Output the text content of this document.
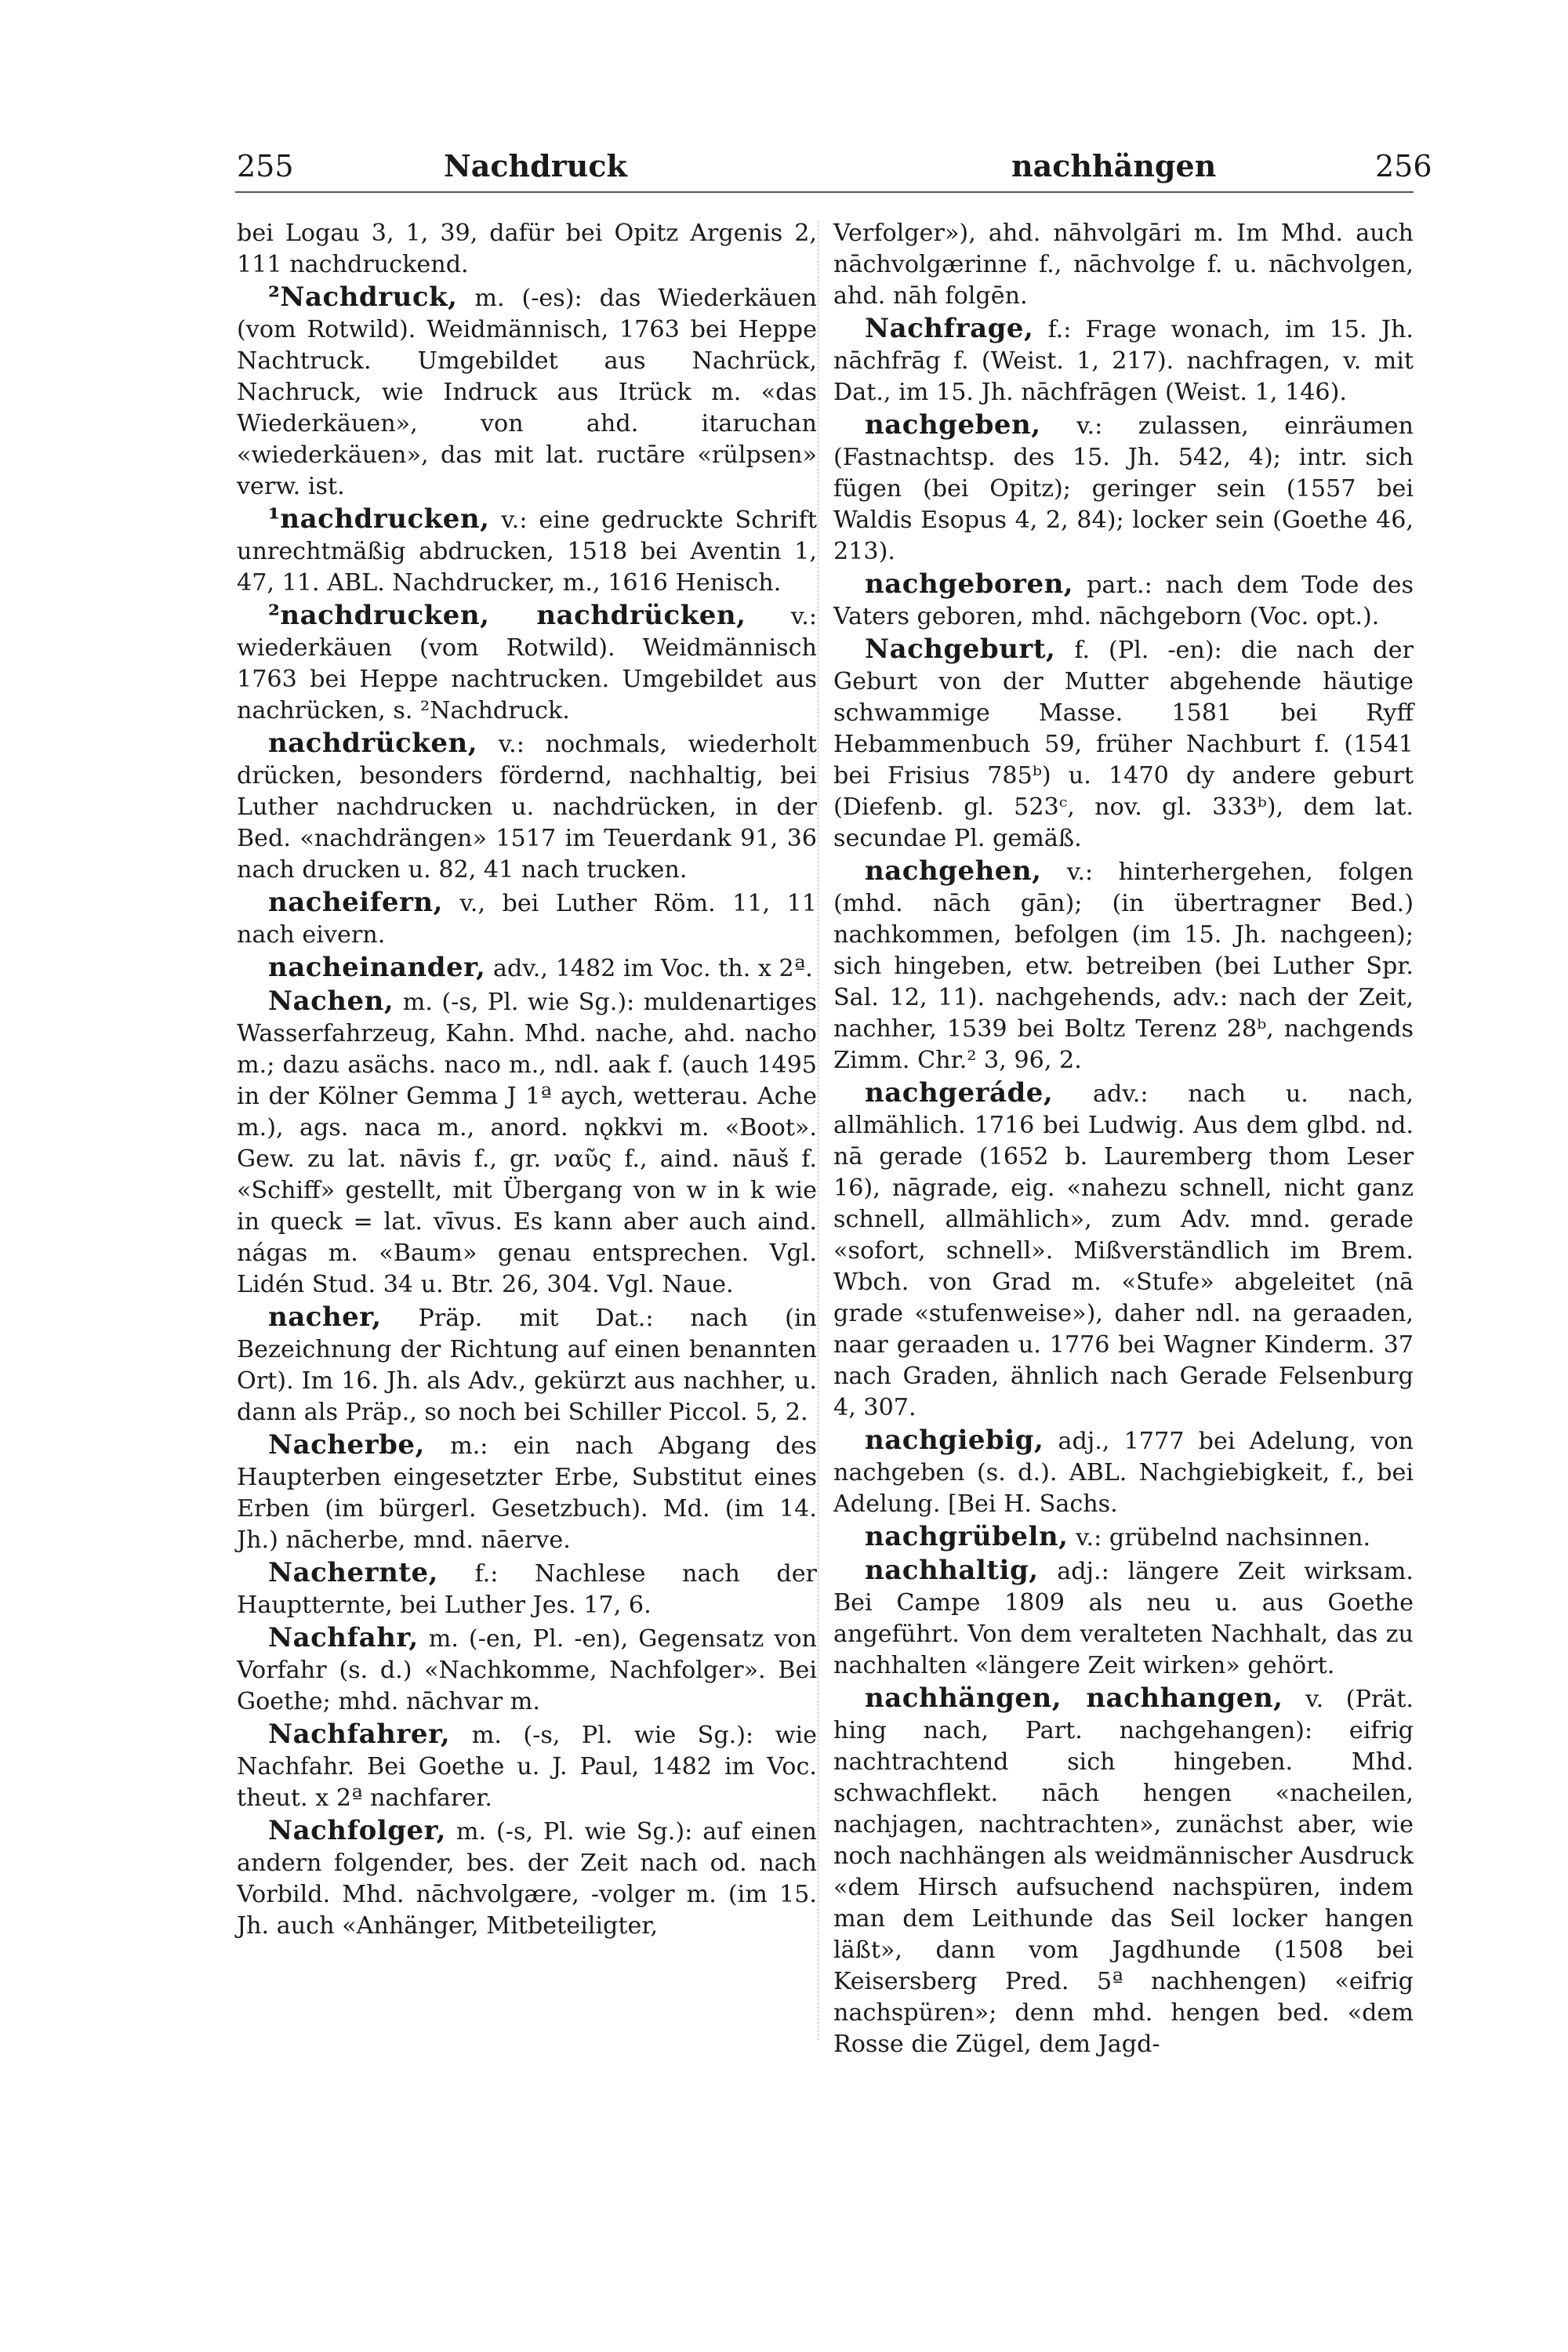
255	Nachdruck	nachhängen	256

bei Logau 3, 1, 39, dafür bei Opitz Argenis 2, 111 nachdruckend.

²Nachdruck, m. (-es): das Wiederkäuen (vom Rotwild). Weidmännisch, 1763 bei Heppe Nachtruck. Umgebildet aus Nachrück, Nachruck, wie Indruck aus Itrück m. «das Wiederkäuen», von ahd. itaruchan «wiederkäuen», das mit lat. ructāre «rülpsen» verw. ist.

¹nachdrucken, v.: eine gedruckte Schrift unrechtmäßig abdrucken, 1518 bei Aventin 1, 47, 11. ABL. Nachdrucker, m., 1616 Henisch.

²nachdrucken, nachdrücken, v.: wiederkäuen (vom Rotwild). Weidmännisch 1763 bei Heppe nachtrucken. Umgebildet aus nachrücken, s. ²Nachdruck.

nachdrücken, v.: nochmals, wiederholt drücken, besonders fördernd, nachhaltig, bei Luther nachdrucken u. nachdrücken, in der Bed. «nachdrängen» 1517 im Teuerdank 91, 36 nach drucken u. 82, 41 nach trucken.

nacheifern, v., bei Luther Röm. 11, 11 nach eivern.

nacheinander, adv., 1482 im Voc. th. x 2ª.

Nachen, m. (-s, Pl. wie Sg.): muldenartiges Wasserfahrzeug, Kahn. Mhd. nache, ahd. nacho m.; dazu asächs. naco m., ndl. aak f. (auch 1495 in der Kölner Gemma J 1ª aych, wetterau. Ache m.), ags. naca m., anord. nǫkkvi m. «Boot». Gew. zu lat. nāvis f., gr. ναῦς f., aind. nāuš f. «Schiff» gestellt, mit Übergang von w in k wie in queck = lat. vīvus. Es kann aber auch aind. nágas m. «Baum» genau entsprechen. Vgl. Lidén Stud. 34 u. Btr. 26, 304. Vgl. Naue.

nacher, Präp. mit Dat.: nach (in Bezeichnung der Richtung auf einen benannten Ort). Im 16. Jh. als Adv., gekürzt aus nachher, u. dann als Präp., so noch bei Schiller Piccol. 5, 2.

Nacherbe, m.: ein nach Abgang des Haupterben eingesetzter Erbe, Substitut eines Erben (im bürgerl. Gesetzbuch). Md. (im 14. Jh.) nācherbe, mnd. nāerve.

Nachernte, f.: Nachlese nach der Hauptternte, bei Luther Jes. 17, 6.

Nachfahr, m. (-en, Pl. -en), Gegensatz von Vorfahr (s. d.) «Nachkomme, Nachfolger». Bei Goethe; mhd. nāchvar m.

Nachfahrer, m. (-s, Pl. wie Sg.): wie Nachfahr. Bei Goethe u. J. Paul, 1482 im Voc. theut. x 2ª nachfarer.

Nachfolger, m. (-s, Pl. wie Sg.): auf einen andern folgender, bes. der Zeit nach od. nach Vorbild. Mhd. nāchvolgære, -volger m. (im 15. Jh. auch «Anhänger, Mitbeteiligter,

Verfolger»), ahd. nāhvolgāri m. Im Mhd. auch nāchvolgærinne f., nāchvolge f. u. nāchvolgen, ahd. nāh folgēn.

Nachfrage, f.: Frage wonach, im 15. Jh. nāchfrāg f. (Weist. 1, 217). nachfragen, v. mit Dat., im 15. Jh. nāchfrāgen (Weist. 1, 146).

nachgeben, v.: zulassen, einräumen (Fastnachtsp. des 15. Jh. 542, 4); intr. sich fügen (bei Opitz); geringer sein (1557 bei Waldis Esopus 4, 2, 84); locker sein (Goethe 46, 213).

nachgeboren, part.: nach dem Tode des Vaters geboren, mhd. nāchgeborn (Voc. opt.).

Nachgeburt, f. (Pl. -en): die nach der Geburt von der Mutter abgehende häutige schwammige Masse. 1581 bei Ryff Hebammenbuch 59, früher Nachburt f. (1541 bei Frisius 785ᵇ) u. 1470 dy andere geburt (Diefenb. gl. 523ᶜ, nov. gl. 333ᵇ), dem lat. secundae Pl. gemäß.

nachgehen, v.: hinterhergehen, folgen (mhd. nāch gān); (in übertragner Bed.) nachkommen, befolgen (im 15. Jh. nachgeen); sich hingeben, etw. betreiben (bei Luther Spr. Sal. 12, 11). nachgehends, adv.: nach der Zeit, nachher, 1539 bei Boltz Terenz 28ᵇ, nachgends Zimm. Chr.² 3, 96, 2.

nachgeráde, adv.: nach u. nach, allmählich. 1716 bei Ludwig. Aus dem glbd. nd. nā gerade (1652 b. Lauremberg thom Leser 16), nāgrade, eig. «nahezu schnell, nicht ganz schnell, allmählich», zum Adv. mnd. gerade «sofort, schnell». Mißverständlich im Brem. Wbch. von Grad m. «Stufe» abgeleitet (nā grade «stufenweise»), daher ndl. na geraaden, naar geraaden u. 1776 bei Wagner Kinderm. 37 nach Graden, ähnlich nach Gerade Felsenburg 4, 307.

nachgiebig, adj., 1777 bei Adelung, von nachgeben (s. d.). ABL. Nachgiebigkeit, f., bei Adelung. [Bei H. Sachs.

nachgrübeln, v.: grübelnd nachsinnen.

nachhaltig, adj.: längere Zeit wirksam. Bei Campe 1809 als neu u. aus Goethe angeführt. Von dem veralteten Nachhalt, das zu nachhalten «längere Zeit wirken» gehört.

nachhängen, nachhangen, v. (Prät. hing nach, Part. nachgehangen): eifrig nachtrachtend sich hingeben. Mhd. schwachflekt. nāch hengen «nacheilen, nachjagen, nachtrachten», zunächst aber, wie noch nachhängen als weidmännischer Ausdruck «dem Hirsch aufsuchend nachspüren, indem man dem Leithunde das Seil locker hangen läßt», dann vom Jagdhunde (1508 bei Keisersberg Pred. 5ª nachhengen) «eifrig nachspüren»; denn mhd. hengen bed. «dem Rosse die Zügel, dem Jagd-
